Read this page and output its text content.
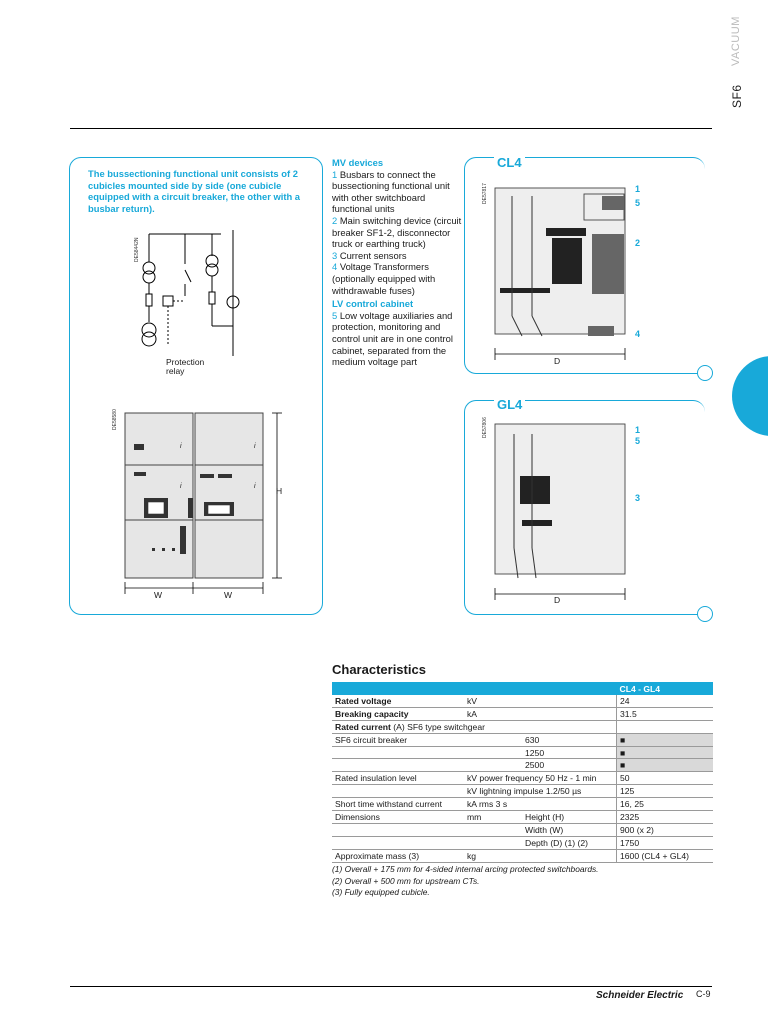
VACUUM
SF6
The bussectioning functional unit consists of 2 cubicles mounted side by side (one cubicle equipped with a circuit breaker, the other with a busbar return).
DE58442N
Protection relay
DE58580
i	i
i	i
W	W
H
MV devices
1 Busbars to connect the bussectioning functional unit with other switchboard functional units
2 Main switching device (circuit breaker SF1-2, disconnector truck or earthing truck)
3 Current sensors
4 Voltage Transformers (optionally equipped with withdrawable fuses)
LV control cabinet
5 Low voltage auxiliaries and protection, monitoring and control unit are in one control cabinet, separated from the medium voltage part
CL4
DE57817	1
5
2
4
D
GL4
DE57806	1
5
3
D
Characteristics
			CL4 - GL4
Rated voltage	kV		24
Breaking capacity	kA		31.5
Rated current (A) SF6 type switchgear			
SF6 circuit breaker		630	■
		1250	■
		2500	■
Rated insulation level	kV power frequency 50 Hz - 1 min		50
	kV lightning impulse 1.2/50 µs		125
Short time withstand current	kA rms 3 s		16, 25
Dimensions	mm	Height (H)	2325
		Width (W)	900 (x 2)
		Depth (D) (1) (2)	1750
Approximate mass (3)	kg		1600 (CL4 + GL4)
(1) Overall + 175 mm for 4-sided internal arcing protected switchboards.
(2) Overall + 500 mm for upstream CTs.
(3) Fully equipped cubicle.
Schneider Electric C-9
